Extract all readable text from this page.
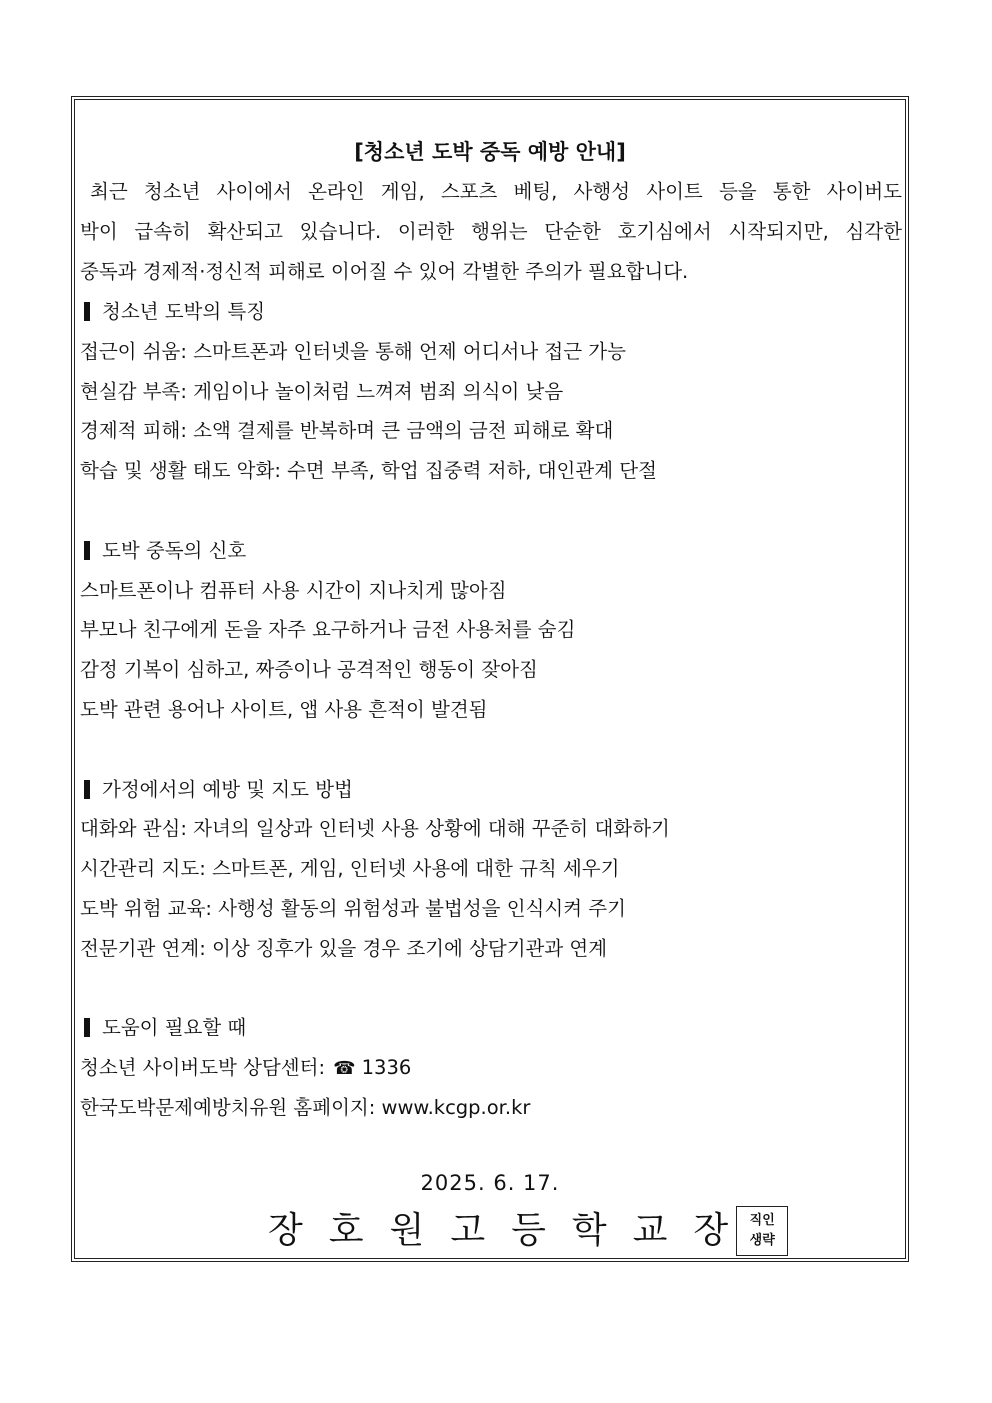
[청소년 도박 중독 예방 안내]
최근 청소년 사이에서 온라인 게임, 스포츠 베팅, 사행성 사이트 등을 통한 사이버도
박이 급속히 확산되고 있습니다. 이러한 행위는 단순한 호기심에서 시작되지만, 심각한
중독과 경제적·정신적 피해로 이어질 수 있어 각별한 주의가 필요합니다.
청소년 도박의 특징
접근이 쉬움: 스마트폰과 인터넷을 통해 언제 어디서나 접근 가능
현실감 부족: 게임이나 놀이처럼 느껴져 범죄 의식이 낮음
경제적 피해: 소액 결제를 반복하며 큰 금액의 금전 피해로 확대
학습 및 생활 태도 악화: 수면 부족, 학업 집중력 저하, 대인관계 단절
도박 중독의 신호
스마트폰이나 컴퓨터 사용 시간이 지나치게 많아짐
부모나 친구에게 돈을 자주 요구하거나 금전 사용처를 숨김
감정 기복이 심하고, 짜증이나 공격적인 행동이 잦아짐
도박 관련 용어나 사이트, 앱 사용 흔적이 발견됨
가정에서의 예방 및 지도 방법
대화와 관심: 자녀의 일상과 인터넷 사용 상황에 대해 꾸준히 대화하기
시간관리 지도: 스마트폰, 게임, 인터넷 사용에 대한 규칙 세우기
도박 위험 교육: 사행성 활동의 위험성과 불법성을 인식시켜 주기
전문기관 연계: 이상 징후가 있을 경우 조기에 상담기관과 연계
도움이 필요할 때
청소년 사이버도박 상담센터: ☎ 1336
한국도박문제예방치유원 홈페이지: www.kcgp.or.kr
2025. 6. 17.
장호원고등학교장
직인
생략
